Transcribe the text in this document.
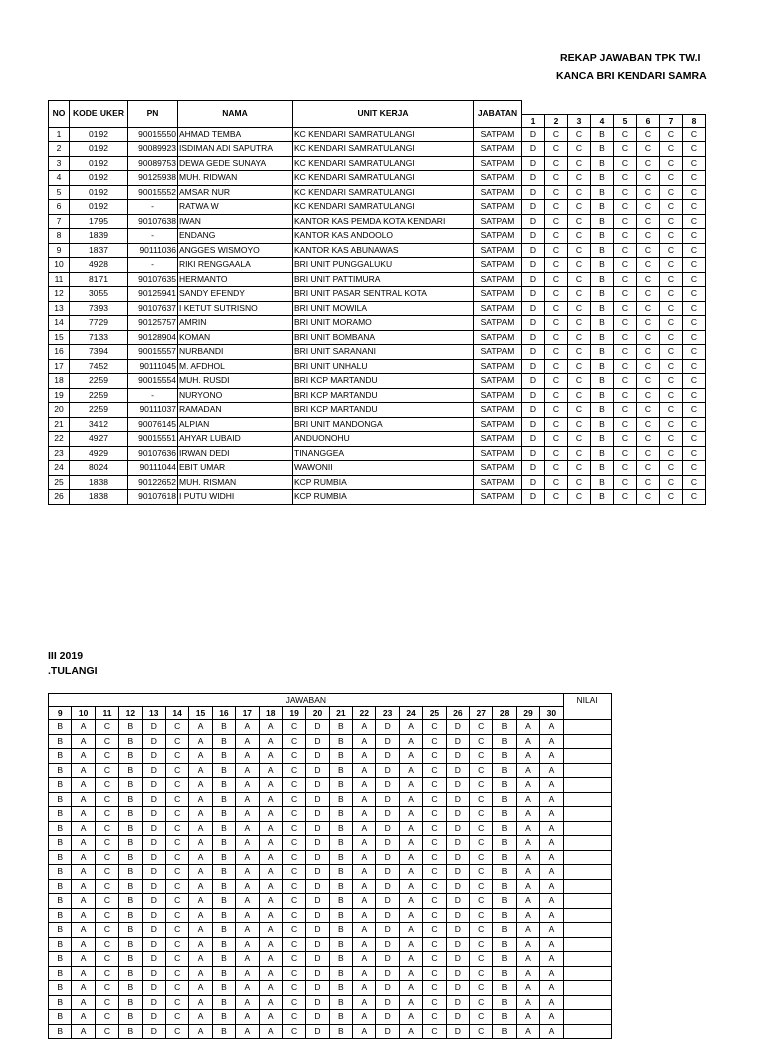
REKAP JAWABAN TPK TW.I
KANCA BRI KENDARI SAMRA
NO	KODE UKER	PN	NAMA	UNIT KERJA	JABATAN								
						1	2	3	4	5	6	7	8
1	0192	90015550	AHMAD TEMBA	KC KENDARI SAMRATULANGI	SATPAM	D	C	C	B	C	C	C	C
2	0192	90089923	ISDIMAN ADI SAPUTRA	KC KENDARI SAMRATULANGI	SATPAM	D	C	C	B	C	C	C	C
3	0192	90089753	DEWA GEDE SUNAYA	KC KENDARI SAMRATULANGI	SATPAM	D	C	C	B	C	C	C	C
4	0192	90125938	MUH. RIDWAN	KC KENDARI SAMRATULANGI	SATPAM	D	C	C	B	C	C	C	C
5	0192	90015552	AMSAR NUR	KC KENDARI SAMRATULANGI	SATPAM	D	C	C	B	C	C	C	C
6	0192	-	RATWA W	KC KENDARI SAMRATULANGI	SATPAM	D	C	C	B	C	C	C	C
7	1795	90107638	IWAN	KANTOR KAS PEMDA KOTA KENDARI	SATPAM	D	C	C	B	C	C	C	C
8	1839	-	ENDANG	KANTOR KAS ANDOOLO	SATPAM	D	C	C	B	C	C	C	C
9	1837	90111036	ANGGES WISMOYO	KANTOR KAS ABUNAWAS	SATPAM	D	C	C	B	C	C	C	C
10	4928	-	RIKI RENGGAALA	BRI UNIT PUNGGALUKU	SATPAM	D	C	C	B	C	C	C	C
11	8171	90107635	HERMANTO	BRI UNIT PATTIMURA	SATPAM	D	C	C	B	C	C	C	C
12	3055	90125941	SANDY EFENDY	BRI UNIT PASAR SENTRAL KOTA	SATPAM	D	C	C	B	C	C	C	C
13	7393	90107637	I KETUT SUTRISNO	BRI UNIT MOWILA	SATPAM	D	C	C	B	C	C	C	C
14	7729	90125757	AMRIN	BRI UNIT MORAMO	SATPAM	D	C	C	B	C	C	C	C
15	7133	90128904	KOMAN	BRI UNIT BOMBANA	SATPAM	D	C	C	B	C	C	C	C
16	7394	90015557	NURBANDI	BRI UNIT SARANANI	SATPAM	D	C	C	B	C	C	C	C
17	7452	90111045	M. AFDHOL	BRI UNIT UNHALU	SATPAM	D	C	C	B	C	C	C	C
18	2259	90015554	MUH. RUSDI	BRI KCP MARTANDU	SATPAM	D	C	C	B	C	C	C	C
19	2259	-	NURYONO	BRI KCP MARTANDU	SATPAM	D	C	C	B	C	C	C	C
20	2259	90111037	RAMADAN	BRI KCP MARTANDU	SATPAM	D	C	C	B	C	C	C	C
21	3412	90076145	ALPIAN	BRI UNIT MANDONGA	SATPAM	D	C	C	B	C	C	C	C
22	4927	90015551	AHYAR LUBAID	ANDUONOHU	SATPAM	D	C	C	B	C	C	C	C
23	4929	90107636	IRWAN DEDI	TINANGGEA	SATPAM	D	C	C	B	C	C	C	C
24	8024	90111044	EBIT UMAR	WAWONII	SATPAM	D	C	C	B	C	C	C	C
25	1838	90122652	MUH. RISMAN	KCP RUMBIA	SATPAM	D	C	C	B	C	C	C	C
26	1838	90107618	I PUTU WIDHI	KCP RUMBIA	SATPAM	D	C	C	B	C	C	C	C
III 2019
.TULANGI
JAWABAN																						NILAI
9	10	11	12	13	14	15	16	17	18	19	20	21	22	23	24	25	26	27	28	29	30	
B	A	C	B	D	C	A	B	A	A	C	D	B	A	D	A	C	D	C	B	A	A	
B	A	C	B	D	C	A	B	A	A	C	D	B	A	D	A	C	D	C	B	A	A	
B	A	C	B	D	C	A	B	A	A	C	D	B	A	D	A	C	D	C	B	A	A	
B	A	C	B	D	C	A	B	A	A	C	D	B	A	D	A	C	D	C	B	A	A	
B	A	C	B	D	C	A	B	A	A	C	D	B	A	D	A	C	D	C	B	A	A	
B	A	C	B	D	C	A	B	A	A	C	D	B	A	D	A	C	D	C	B	A	A	
B	A	C	B	D	C	A	B	A	A	C	D	B	A	D	A	C	D	C	B	A	A	
B	A	C	B	D	C	A	B	A	A	C	D	B	A	D	A	C	D	C	B	A	A	
B	A	C	B	D	C	A	B	A	A	C	D	B	A	D	A	C	D	C	B	A	A	
B	A	C	B	D	C	A	B	A	A	C	D	B	A	D	A	C	D	C	B	A	A	
B	A	C	B	D	C	A	B	A	A	C	D	B	A	D	A	C	D	C	B	A	A	
B	A	C	B	D	C	A	B	A	A	C	D	B	A	D	A	C	D	C	B	A	A	
B	A	C	B	D	C	A	B	A	A	C	D	B	A	D	A	C	D	C	B	A	A	
B	A	C	B	D	C	A	B	A	A	C	D	B	A	D	A	C	D	C	B	A	A	
B	A	C	B	D	C	A	B	A	A	C	D	B	A	D	A	C	D	C	B	A	A	
B	A	C	B	D	C	A	B	A	A	C	D	B	A	D	A	C	D	C	B	A	A	
B	A	C	B	D	C	A	B	A	A	C	D	B	A	D	A	C	D	C	B	A	A	
B	A	C	B	D	C	A	B	A	A	C	D	B	A	D	A	C	D	C	B	A	A	
B	A	C	B	D	C	A	B	A	A	C	D	B	A	D	A	C	D	C	B	A	A	
B	A	C	B	D	C	A	B	A	A	C	D	B	A	D	A	C	D	C	B	A	A	
B	A	C	B	D	C	A	B	A	A	C	D	B	A	D	A	C	D	C	B	A	A	
B	A	C	B	D	C	A	B	A	A	C	D	B	A	D	A	C	D	C	B	A	A	
